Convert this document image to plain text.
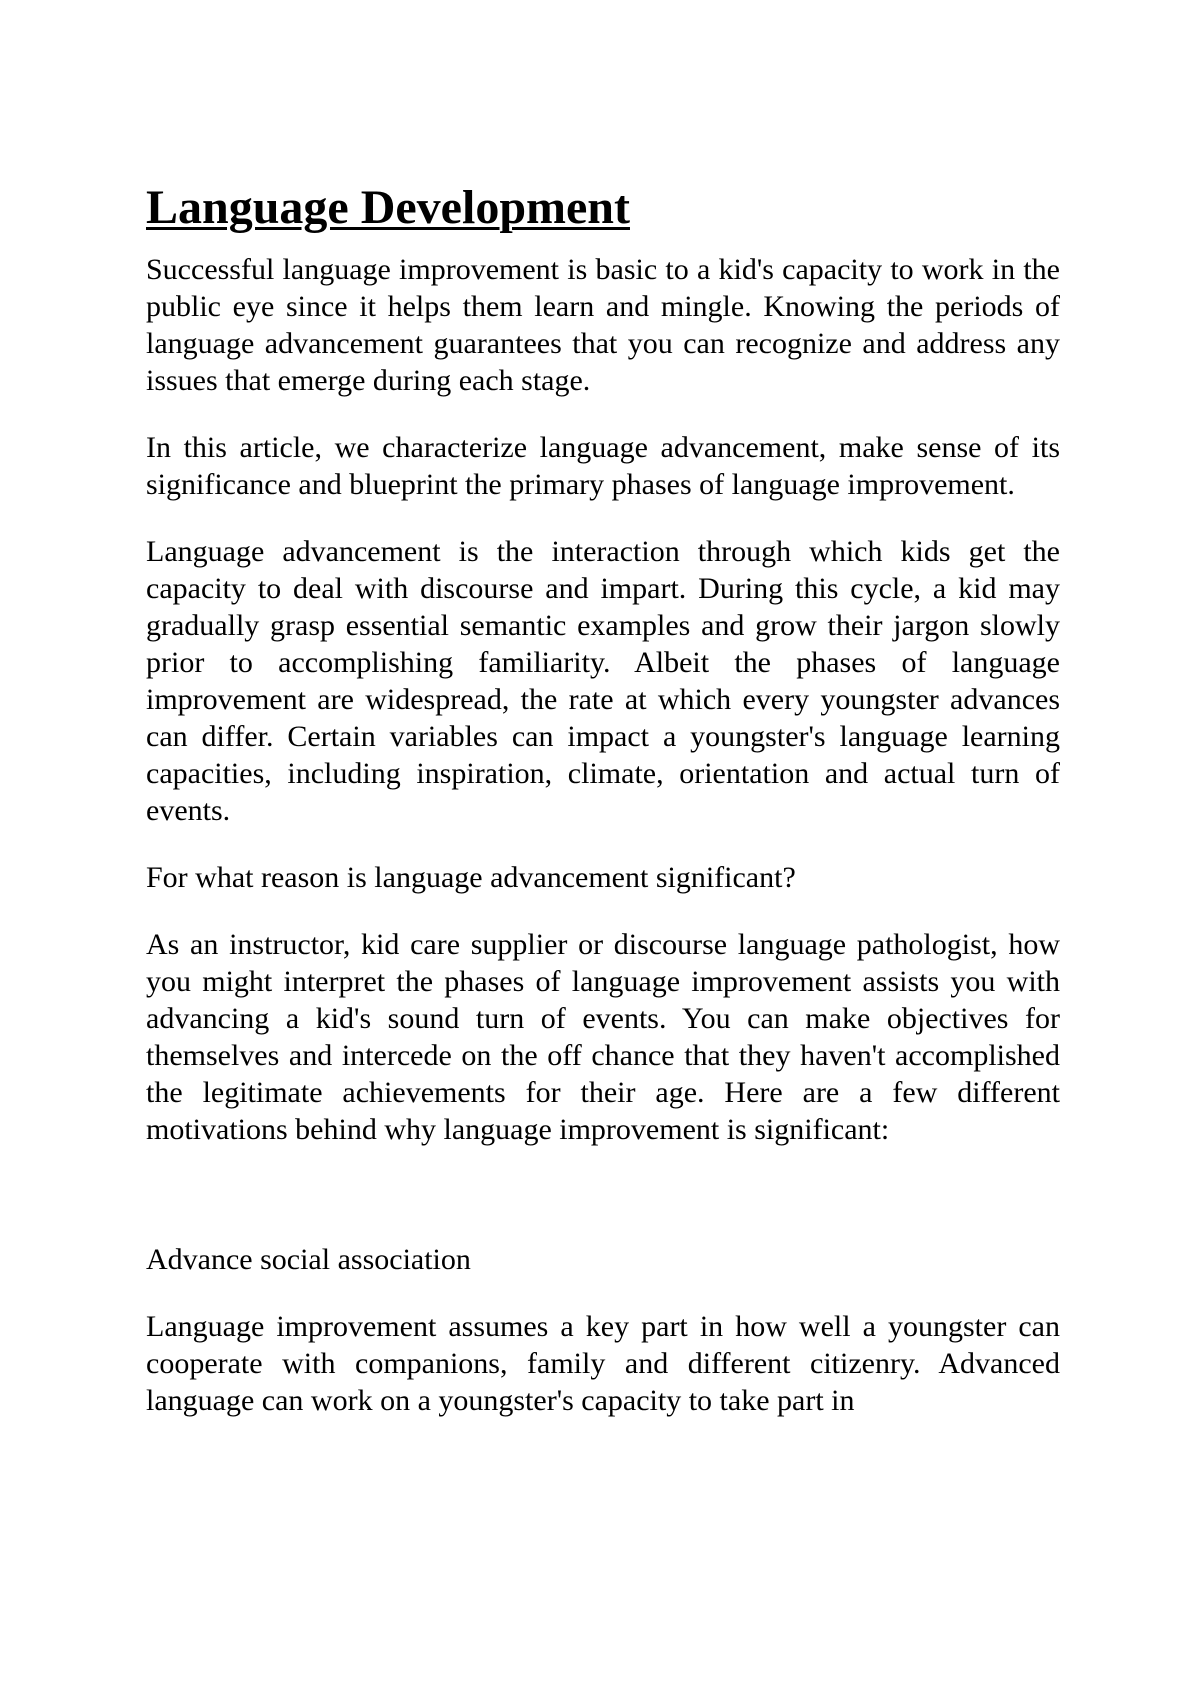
Language Development

Successful language improvement is basic to a kid's capacity to work in the public eye since it helps them learn and mingle. Knowing the periods of language advancement guarantees that you can recognize and address any issues that emerge during each stage.

In this article, we characterize language advancement, make sense of its significance and blueprint the primary phases of language improvement.

Language advancement is the interaction through which kids get the capacity to deal with discourse and impart. During this cycle, a kid may gradually grasp essential semantic examples and grow their jargon slowly prior to accomplishing familiarity. Albeit the phases of language improvement are widespread, the rate at which every youngster advances can differ. Certain variables can impact a youngster's language learning capacities, including inspiration, climate, orientation and actual turn of events.

For what reason is language advancement significant?

As an instructor, kid care supplier or discourse language pathologist, how you might interpret the phases of language improvement assists you with advancing a kid's sound turn of events. You can make objectives for themselves and intercede on the off chance that they haven't accomplished the legitimate achievements for their age. Here are a few different motivations behind why language improvement is significant:

Advance social association

Language improvement assumes a key part in how well a youngster can cooperate with companions, family and different citizenry. Advanced language can work on a youngster's capacity to take part in
